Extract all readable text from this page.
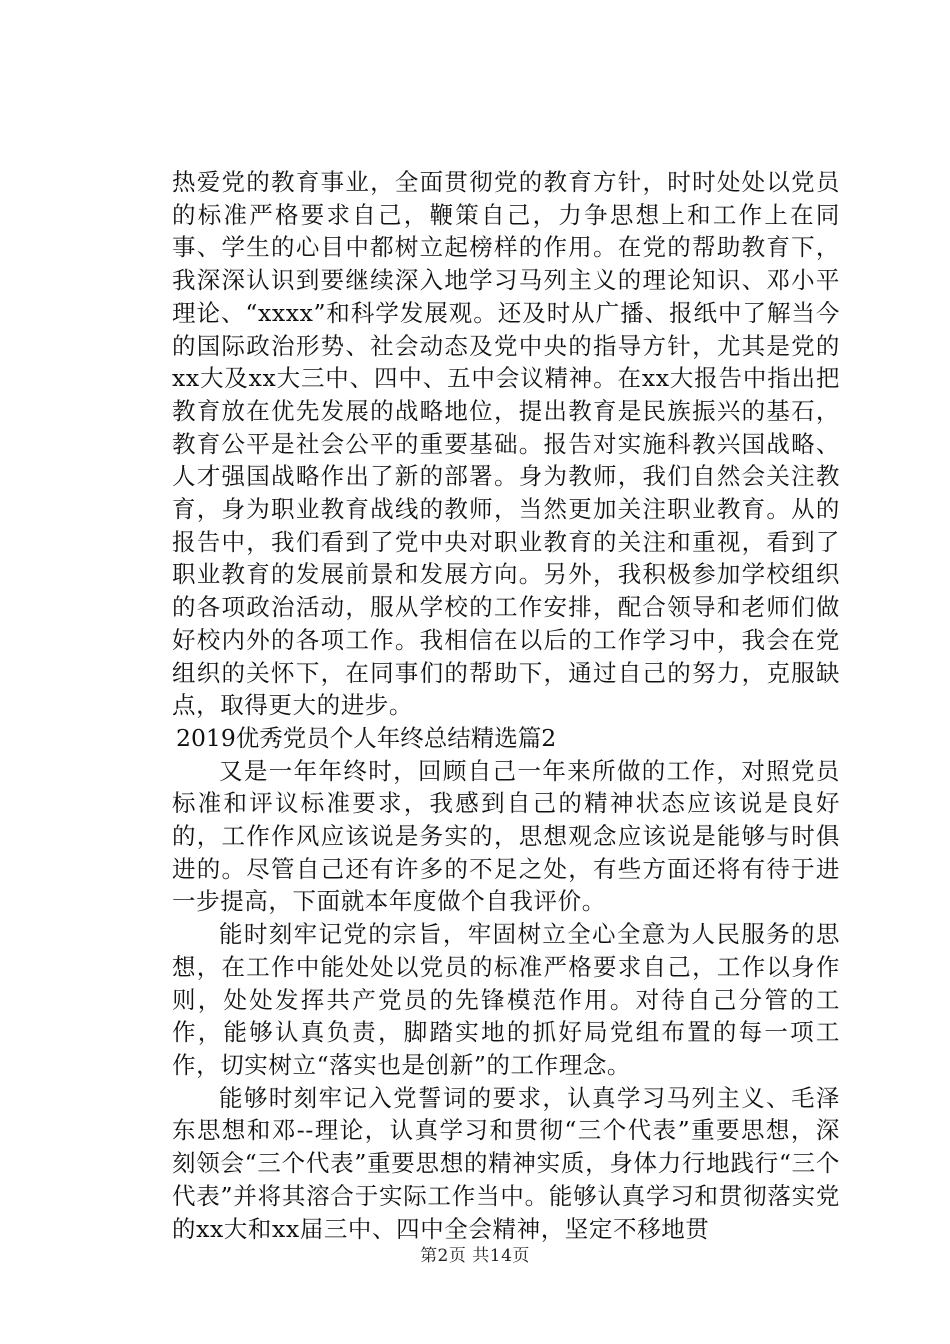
热爱党的教育事业，全面贯彻党的教育方针，时时处处以党员的标准严格要求自己，鞭策自己，力争思想上和工作上在同事、学生的心目中都树立起榜样的作用。在党的帮助教育下，我深深认识到要继续深入地学习马列主义的理论知识、邓小平理论、“xxxx”和科学发展观。还及时从广播、报纸中了解当今的国际政治形势、社会动态及党中央的指导方针，尤其是党的xx大及xx大三中、四中、五中会议精神。在xx大报告中指出把教育放在优先发展的战略地位，提出教育是民族振兴的基石，教育公平是社会公平的重要基础。报告对实施科教兴国战略、人才强国战略作出了新的部署。身为教师，我们自然会关注教育，身为职业教育战线的教师，当然更加关注职业教育。从的报告中，我们看到了党中央对职业教育的关注和重视，看到了职业教育的发展前景和发展方向。另外，我积极参加学校组织的各项政治活动，服从学校的工作安排，配合领导和老师们做好校内外的各项工作。我相信在以后的工作学习中，我会在党组织的关怀下，在同事们的帮助下，通过自己的努力，克服缺点，取得更大的进步。

2019优秀党员个人年终总结精选篇2

又是一年年终时，回顾自己一年来所做的工作，对照党员标准和评议标准要求，我感到自己的精神状态应该说是良好的，工作作风应该说是务实的，思想观念应该说是能够与时俱进的。尽管自己还有许多的不足之处，有些方面还将有待于进一步提高，下面就本年度做个自我评价。

能时刻牢记党的宗旨，牢固树立全心全意为人民服务的思想，在工作中能处处以党员的标准严格要求自己，工作以身作则，处处发挥共产党员的先锋模范作用。对待自己分管的工作，能够认真负责，脚踏实地的抓好局党组布置的每一项工作，切实树立“落实也是创新”的工作理念。

能够时刻牢记入党誓词的要求，认真学习马列主义、毛泽东思想和邓--理论，认真学习和贯彻“三个代表”重要思想，深刻领会“三个代表”重要思想的精神实质，身体力行地践行“三个代表”并将其溶合于实际工作当中。能够认真学习和贯彻落实党的xx大和xx届三中、四中全会精神，坚定不移地贯

第2页 共14页
